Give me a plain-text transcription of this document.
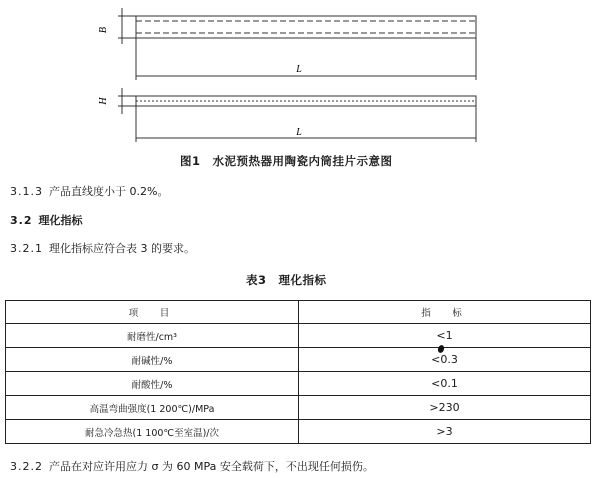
B
L
H
L
图1　水泥预热器用陶瓷内筒挂片示意图
3.1.3 产品直线度小于 0.2%。
3.2 理化指标
3.2.1 理化指标应符合表 3 的要求。
表3　理化指标
项　目	指　标
耐磨性/cm³	<1
耐碱性/%	<0.3
耐酸性/%	<0.1
高温弯曲强度(1 200℃)/MPa	>230
耐急冷急热(1 100℃至室温)/次	>3
3.2.2 产品在对应许用应力 σ 为 60 MPa 安全载荷下，不出现任何损伤。
